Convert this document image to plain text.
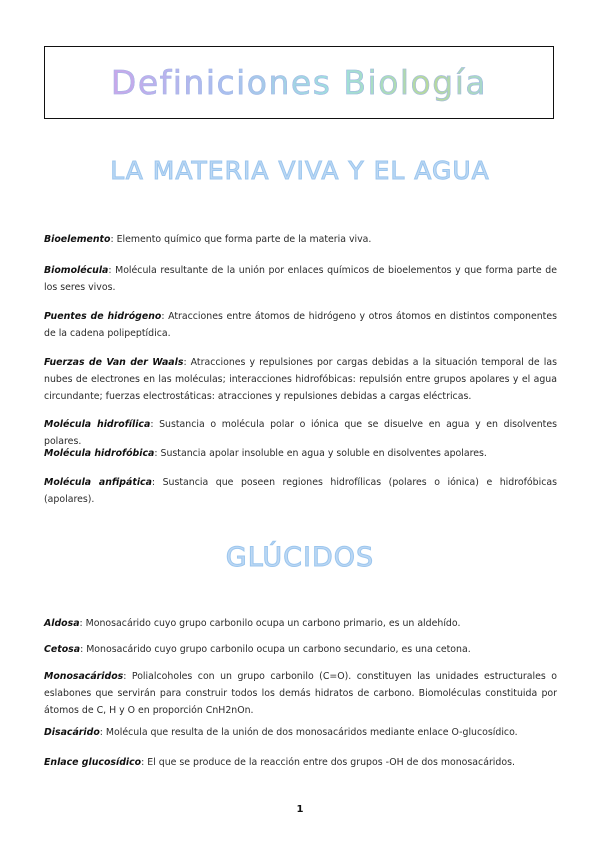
Definiciones Biología
LA MATERIA VIVA Y EL AGUA

Bioelemento: Elemento químico que forma parte de la materia viva.

Biomolécula: Molécula resultante de la unión por enlaces químicos de bioelementos y que forma parte de los seres vivos.

Puentes de hidrógeno: Atracciones entre átomos de hidrógeno y otros átomos en distintos componentes de la cadena polipeptídica.

Fuerzas de Van der Waals: Atracciones y repulsiones por cargas debidas a la situación temporal de las nubes de electrones en las moléculas; interacciones hidrofóbicas: repulsión entre grupos apolares y el agua circundante; fuerzas electrostáticas: atracciones y repulsiones debidas a cargas eléctricas.

Molécula hidrofílica: Sustancia o molécula polar o iónica que se disuelve en agua y en disolventes polares.

Molécula hidrofóbica: Sustancia apolar insoluble en agua y soluble en disolventes apolares.

Molécula anfipática: Sustancia que poseen regiones hidrofílicas (polares o iónica) e hidrofóbicas (apolares).

GLÚCIDOS

Aldosa: Monosacárido cuyo grupo carbonilo ocupa un carbono primario, es un aldehído.

Cetosa: Monosacárido cuyo grupo carbonilo ocupa un carbono secundario, es una cetona.

Monosacáridos: Polialcoholes con un grupo carbonilo (C=O). constituyen las unidades estructurales o eslabones que servirán para construir todos los demás hidratos de carbono. Biomoléculas constituida por átomos de C, H y O en proporción CnH2nOn.

Disacárido: Molécula que resulta de la unión de dos monosacáridos mediante enlace O-glucosídico.

Enlace glucosídico: El que se produce de la reacción entre dos grupos -OH de dos monosacáridos.

1
